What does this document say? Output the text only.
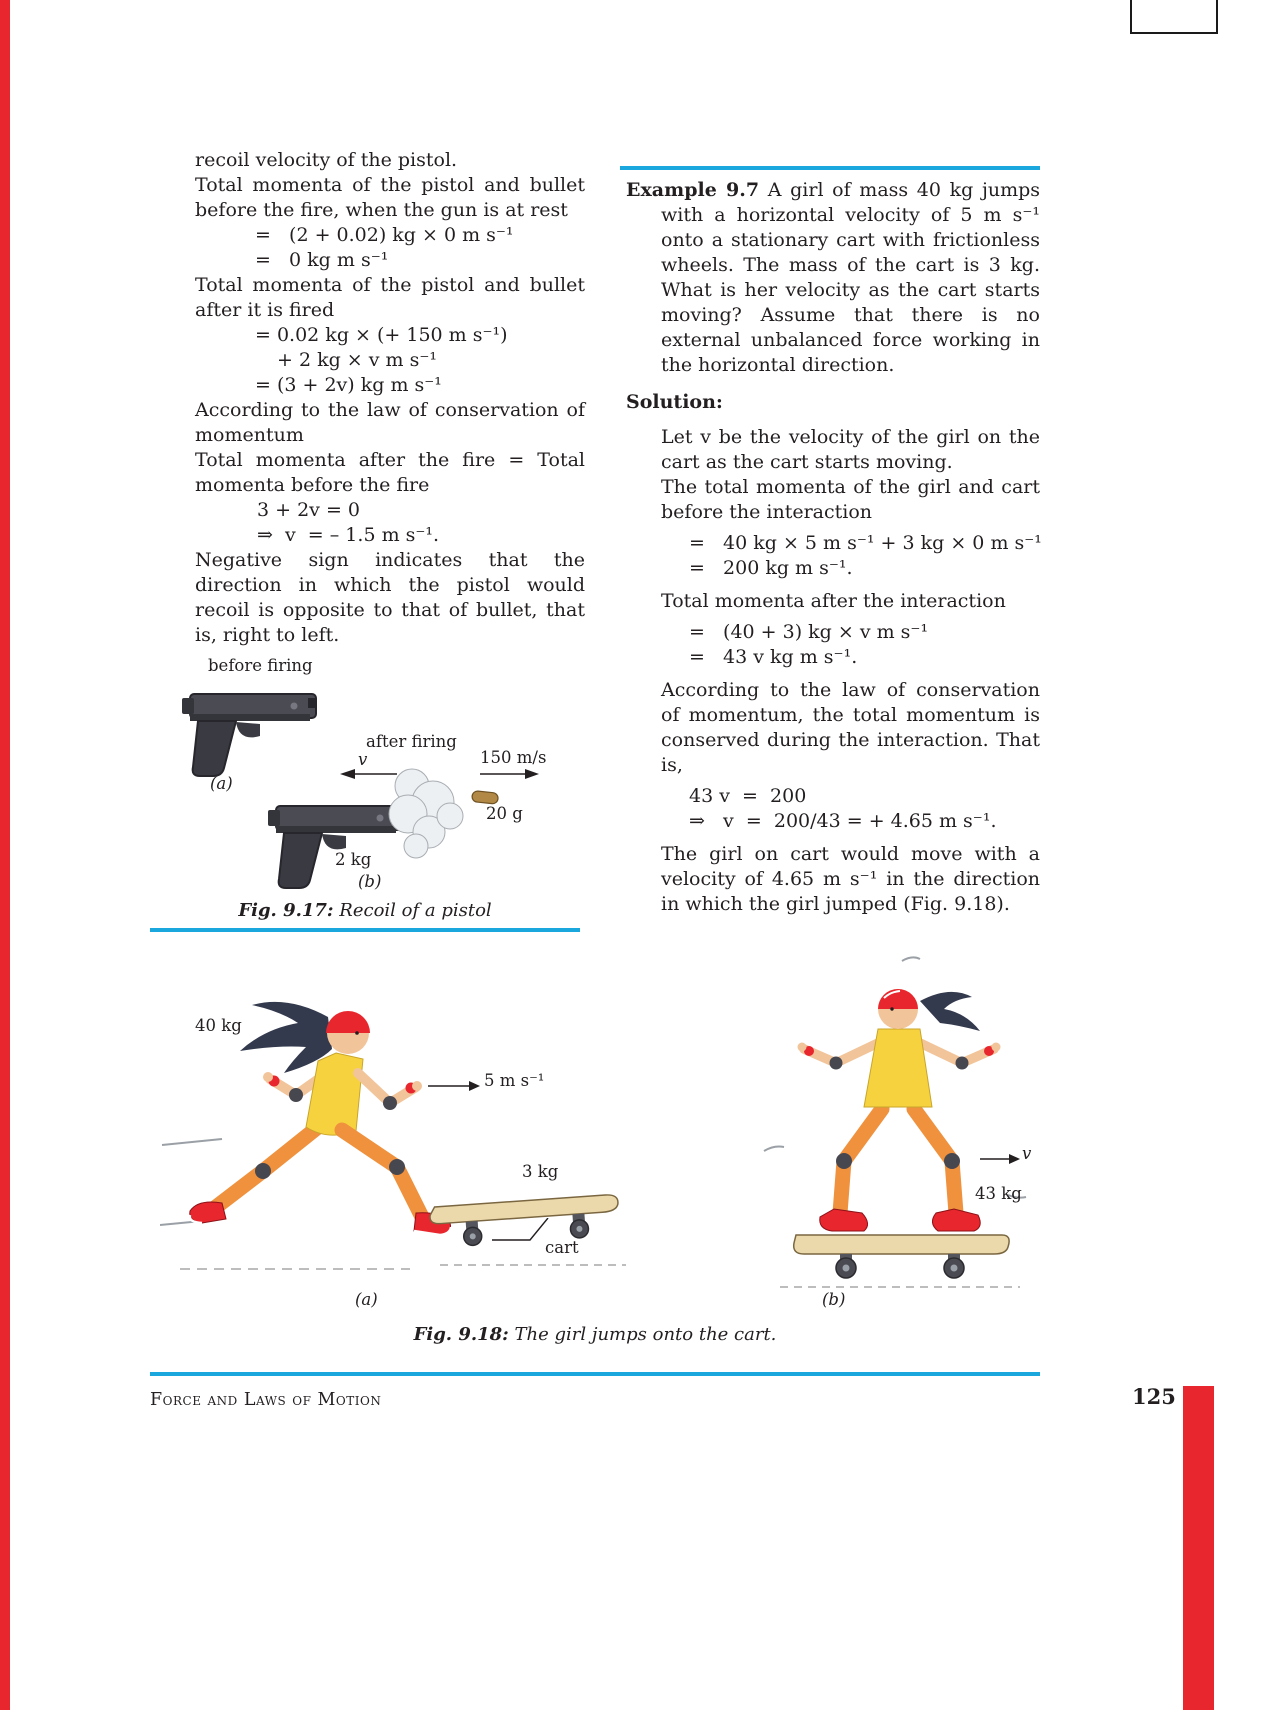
recoil velocity of the pistol.

Total momenta of the pistol and bullet before the fire, when the gun is at rest

=   (2 + 0.02) kg × 0 m s⁻¹
=   0 kg m s⁻¹

Total momenta of the pistol and bullet after it is fired

= 0.02 kg × (+ 150 m s⁻¹)
+ 2 kg × v m s⁻¹
= (3 + 2v) kg m s⁻¹

According to the law of conservation of momentum

Total momenta after the fire = Total momenta before the fire

3 + 2v = 0
⇒  v  = – 1.5 m s⁻¹.

Negative sign indicates that the direction in which the pistol would recoil is opposite to that of bullet, that is, right to left.

Example 9.7 A girl of mass 40 kg jumps with a horizontal velocity of 5 m s⁻¹ onto a stationary cart with frictionless wheels. The mass of the cart is 3 kg. What is her velocity as the cart starts moving? Assume that there is no external unbalanced force working in the horizontal direction.

Solution:

Let v be the velocity of the girl on the cart as the cart starts moving.

The total momenta of the girl and cart before the interaction

=   40 kg × 5 m s⁻¹ + 3 kg × 0 m s⁻¹
=   200 kg m s⁻¹.

Total momenta after the interaction

=   (40 + 3) kg × v m s⁻¹
=   43 v kg m s⁻¹.

According to the law of conservation of momentum, the total momentum is conserved during the interaction. That is,

43 v  =  200
⇒   v  =  200/43 = + 4.65 m s⁻¹.

The girl on cart would move with a velocity of 4.65 m s⁻¹ in the direction in which the girl jumped (Fig. 9.18).

before firing
after firing
v	150 m/s
20 g
2 kg
(a)
(b)

Fig. 9.17: Recoil of a pistol

40 kg
5 m s⁻¹
3 kg
cart
(a)
v
43 kg
(b)

Fig. 9.18: The girl jumps onto the cart.

Force and Laws of Motion	125
